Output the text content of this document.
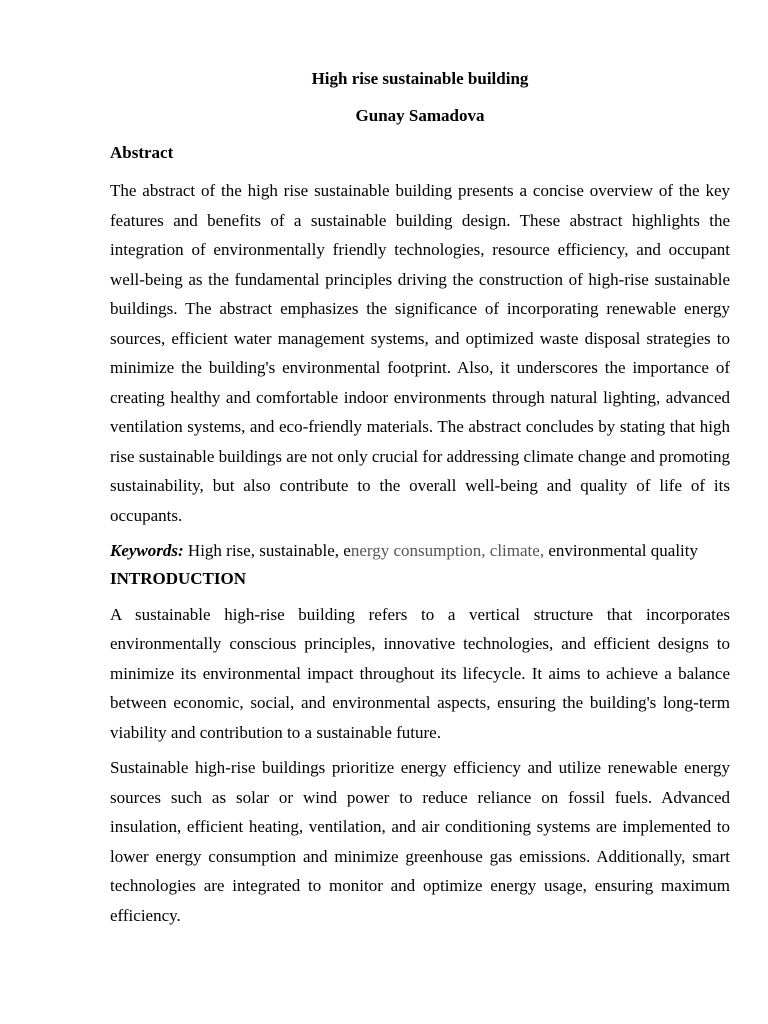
High rise sustainable building
Gunay Samadova
Abstract

The abstract of the high rise sustainable building presents a concise overview of the key features and benefits of a sustainable building design. These abstract highlights the integration of environmentally friendly technologies, resource efficiency, and occupant well-being as the fundamental principles driving the construction of high-rise sustainable buildings. The abstract emphasizes the significance of incorporating renewable energy sources, efficient water management systems, and optimized waste disposal strategies to minimize the building's environmental footprint. Also, it underscores the importance of creating healthy and comfortable indoor environments through natural lighting, advanced ventilation systems, and eco-friendly materials. The abstract concludes by stating that high rise sustainable buildings are not only crucial for addressing climate change and promoting sustainability, but also contribute to the overall well-being and quality of life of its occupants.

Keywords: High rise, sustainable, energy consumption, climate, environmental quality

INTRODUCTION

A sustainable high-rise building refers to a vertical structure that incorporates environmentally conscious principles, innovative technologies, and efficient designs to minimize its environmental impact throughout its lifecycle. It aims to achieve a balance between economic, social, and environmental aspects, ensuring the building's long-term viability and contribution to a sustainable future.

Sustainable high-rise buildings prioritize energy efficiency and utilize renewable energy sources such as solar or wind power to reduce reliance on fossil fuels. Advanced insulation, efficient heating, ventilation, and air conditioning systems are implemented to lower energy consumption and minimize greenhouse gas emissions. Additionally, smart technologies are integrated to monitor and optimize energy usage, ensuring maximum efficiency.
